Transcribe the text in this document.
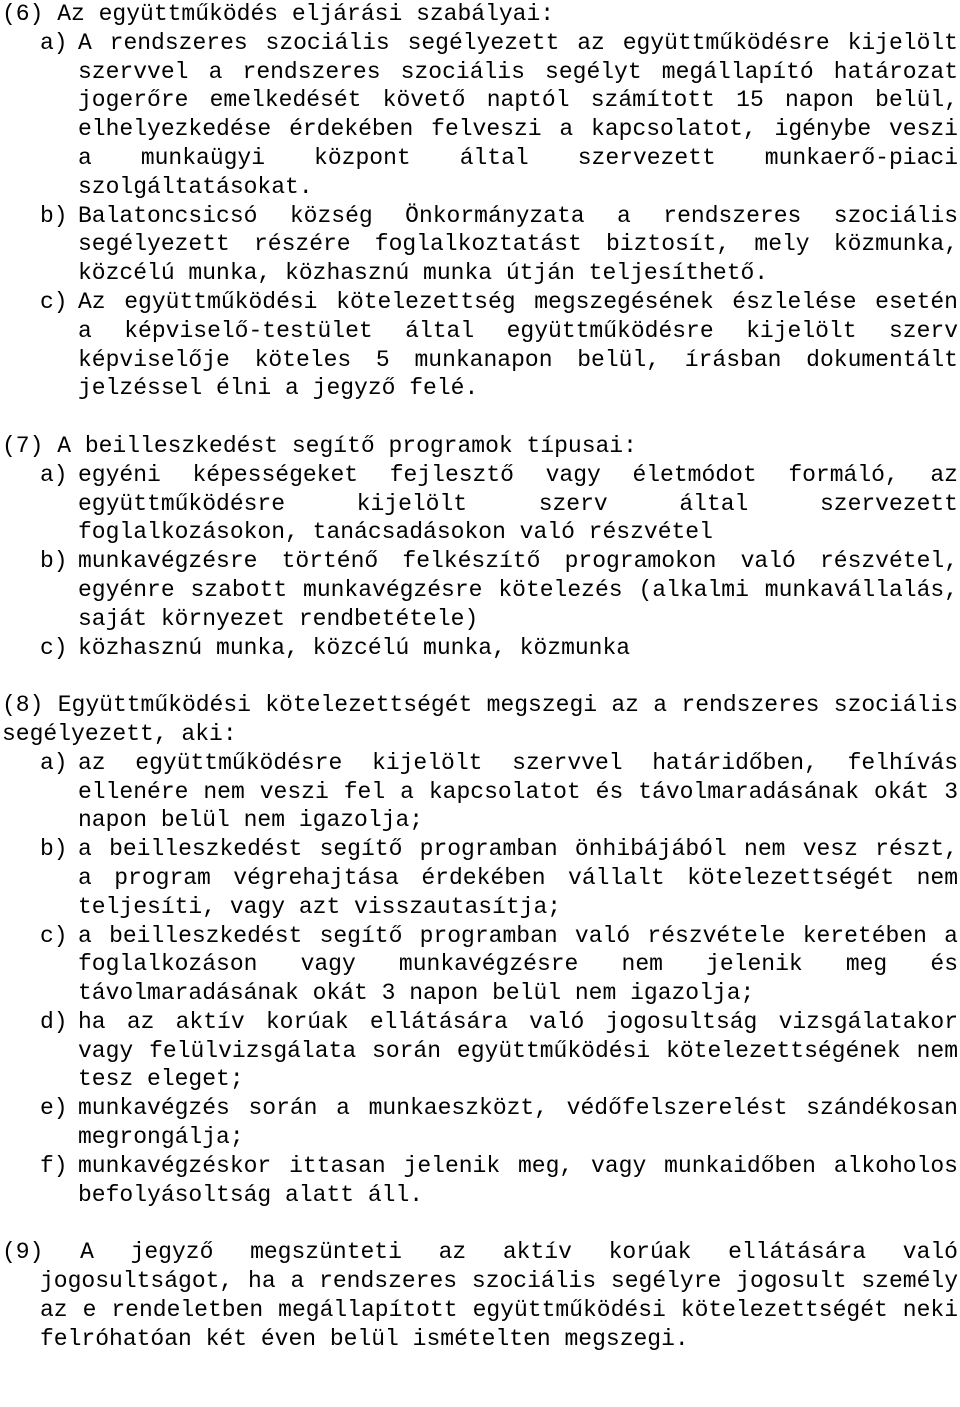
(6) Az együttműködés eljárási szabályai:

a) A rendszeres szociális segélyezett az együttműködésre kijelölt szervvel a rendszeres szociális segélyt megállapító határozat jogerőre emelkedését követő naptól számított 15 napon belül, elhelyezkedése érdekében felveszi a kapcsolatot, igénybe veszi a munkaügyi központ által szervezett munkaerő-piaci szolgáltatásokat.
b) Balatoncsicsó község Önkormányzata a rendszeres szociális segélyezett részére foglalkoztatást biztosít, mely közmunka, közcélú munka, közhasznú munka útján teljesíthető.
c) Az együttműködési kötelezettség megszegésének észlelése esetén a képviselő-testület által együttműködésre kijelölt szerv képviselője köteles 5 munkanapon belül, írásban dokumentált jelzéssel élni a jegyző felé.

(7) A beilleszkedést segítő programok típusai:

a) egyéni képességeket fejlesztő vagy életmódot formáló, az együttműködésre kijelölt szerv által szervezett foglalkozásokon, tanácsadásokon való részvétel
b) munkavégzésre történő felkészítő programokon való részvétel, egyénre szabott munkavégzésre kötelezés (alkalmi munkavállalás, saját környezet rendbetétele)
c) közhasznú munka, közcélú munka, közmunka

(8) Együttműködési kötelezettségét megszegi az a rendszeres szociális segélyezett, aki:

a) az együttműködésre kijelölt szervvel határidőben, felhívás ellenére nem veszi fel a kapcsolatot és távolmaradásának okát 3 napon belül nem igazolja;
b) a beilleszkedést segítő programban önhibájából nem vesz részt, a program végrehajtása érdekében vállalt kötelezettségét nem teljesíti, vagy azt visszautasítja;
c) a beilleszkedést segítő programban való részvétele keretében a foglalkozáson vagy munkavégzésre nem jelenik meg és távolmaradásának okát 3 napon belül nem igazolja;
d) ha az aktív korúak ellátására való jogosultság vizsgálatakor vagy felülvizsgálata során együttműködési kötelezettségének nem tesz eleget;
e) munkavégzés során a munkaeszközt, védőfelszerelést szándékosan megrongálja;
f) munkavégzéskor ittasan jelenik meg, vagy munkaidőben alkoholos befolyásoltság alatt áll.

(9) A jegyző megszünteti az aktív korúak ellátására való jogosultságot, ha a rendszeres szociális segélyre jogosult személy az e rendeletben megállapított együttműködési kötelezettségét neki felróhatóan két éven belül ismételten megszegi.
